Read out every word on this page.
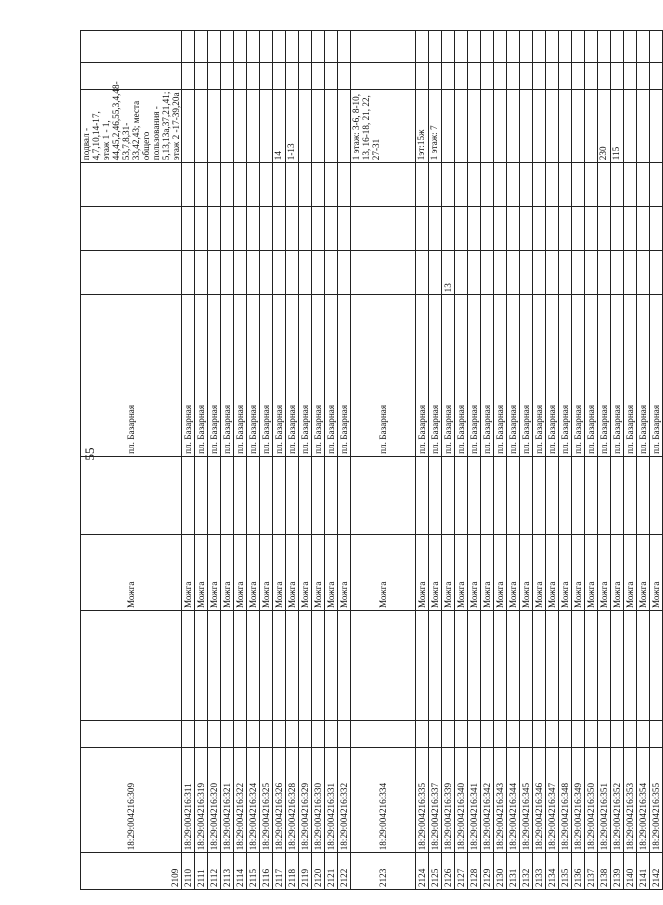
55
2109	18:29:004216:309			Можга		пл. Базарная				подвал - 4,7,10,14-17, этаж 1 - 1, 44,45,2,46,55,3,4,48-53,7,8,31-33,42,43; места общего пользования - 5,13,13а,37,21,41; этаж 2 -17-39,20а		
2110	18:29:004216:311			Можга		пл. Базарная						
2111	18:29:004216:319			Можга		пл. Базарная						
2112	18:29:004216:320			Можга		пл. Базарная						
2113	18:29:004216:321			Можга		пл. Базарная						
2114	18:29:004216:322			Можга		пл. Базарная						
2115	18:29:004216:324			Можга		пл. Базарная						
2116	18:29:004216:325			Можга		пл. Базарная						
2117	18:29:004216:326			Можга		пл. Базарная				14		
2118	18:29:004216:328			Можга		пл. Базарная				1-13		
2119	18:29:004216:329			Можга		пл. Базарная						
2120	18:29:004216:330			Можга		пл. Базарная						
2121	18:29:004216:331			Можга		пл. Базарная						
2122	18:29:004216:332			Можга		пл. Базарная						
2123	18:29:004216:334			Можга		пл. Базарная				1 этаж: 3-6, 8-10, 13, 16-18, 21, 22, 27-31		
2124	18:29:004216:335			Можга		пл. Базарная				1эт:15ж		
2125	18:29:004216:337			Можга		пл. Базарная				1 этаж: 7		
2126	18:29:004216:339			Можга		пл. Базарная	13					
2127	18:29:004216:340			Можга		пл. Базарная						
2128	18:29:004216:341			Можга		пл. Базарная						
2129	18:29:004216:342			Можга		пл. Базарная						
2130	18:29:004216:343			Можга		пл. Базарная						
2131	18:29:004216:344			Можга		пл. Базарная						
2132	18:29:004216:345			Можга		пл. Базарная						
2133	18:29:004216:346			Можга		пл. Базарная						
2134	18:29:004216:347			Можга		пл. Базарная						
2135	18:29:004216:348			Можга		пл. Базарная						
2136	18:29:004216:349			Можга		пл. Базарная						
2137	18:29:004216:350			Можга		пл. Базарная						
2138	18:29:004216:351			Можга		пл. Базарная				230		
2139	18:29:004216:352			Можга		пл. Базарная				115		
2140	18:29:004216:353			Можга		пл. Базарная						
2141	18:29:004216:354			Можга		пл. Базарная						
2142	18:29:004216:355			Можга		пл. Базарная						
